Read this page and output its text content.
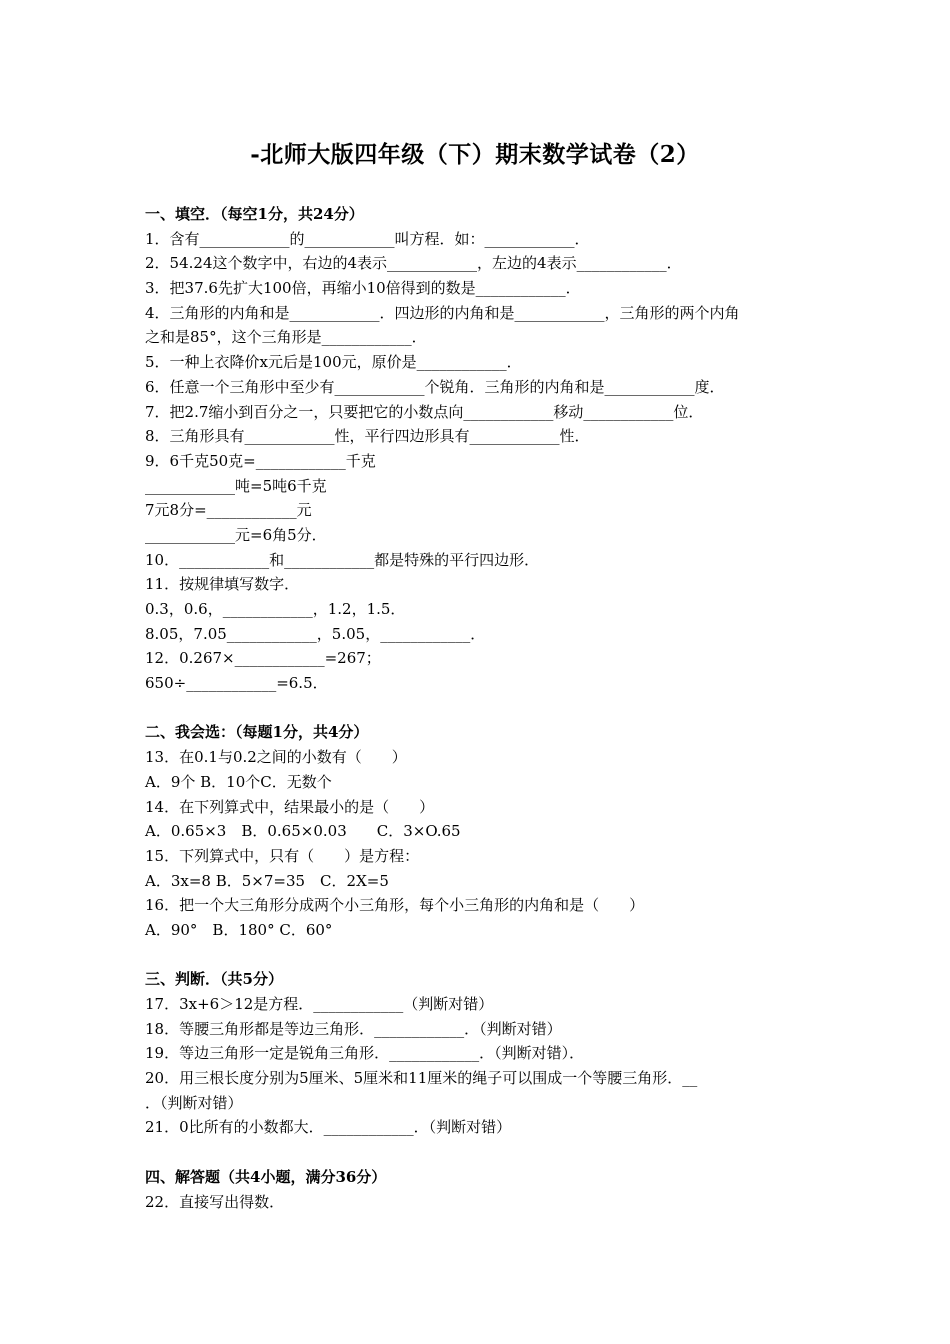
-北师大版四年级（下）期末数学试卷（2）
一、填空．（每空1分，共24分）
1．含有____________的____________叫方程．如：____________．
2．54.24这个数字中，右边的4表示____________，左边的4表示____________．
3．把37.6先扩大100倍，再缩小10倍得到的数是____________．
4．三角形的内角和是____________．四边形的内角和是____________，三角形的两个内角
之和是85°，这个三角形是____________．
5．一种上衣降价x元后是100元，原价是____________．
6．任意一个三角形中至少有____________个锐角．三角形的内角和是____________度．
7．把2.7缩小到百分之一，只要把它的小数点向____________移动____________位．
8．三角形具有____________性，平行四边形具有____________性．
9．6千克50克=____________千克
____________吨=5吨6千克
7元8分=____________元
____________元=6角5分．
10．____________和____________都是特殊的平行四边形．
11．按规律填写数字．
0.3，0.6，____________，1.2，1.5．
8.05，7.05____________，5.05，____________．
12．0.267×____________=267；
650÷____________=6.5．
二、我会选：（每题1分，共4分）
13．在0.1与0.2之间的小数有（　　）
A．9个 B．10个C．无数个
14．在下列算式中，结果最小的是（　　）
A．0.65×3　B．0.65×0.03　　C．3×O.65
15．下列算式中，只有（　　）是方程：
A．3x=8 B．5×7=35　C．2X=5
16．把一个大三角形分成两个小三角形，每个小三角形的内角和是（　　）
A．90°　B．180° C．60°
三、判断．（共5分）
17．3x+6＞12是方程．____________（判断对错）
18．等腰三角形都是等边三角形．____________．（判断对错）
19．等边三角形一定是锐角三角形．____________．（判断对错）．
20．用三根长度分别为5厘米、5厘米和11厘米的绳子可以围成一个等腰三角形．__
．（判断对错）
21．0比所有的小数都大．____________．（判断对错）
四、解答题（共4小题，满分36分）
22．直接写出得数．
